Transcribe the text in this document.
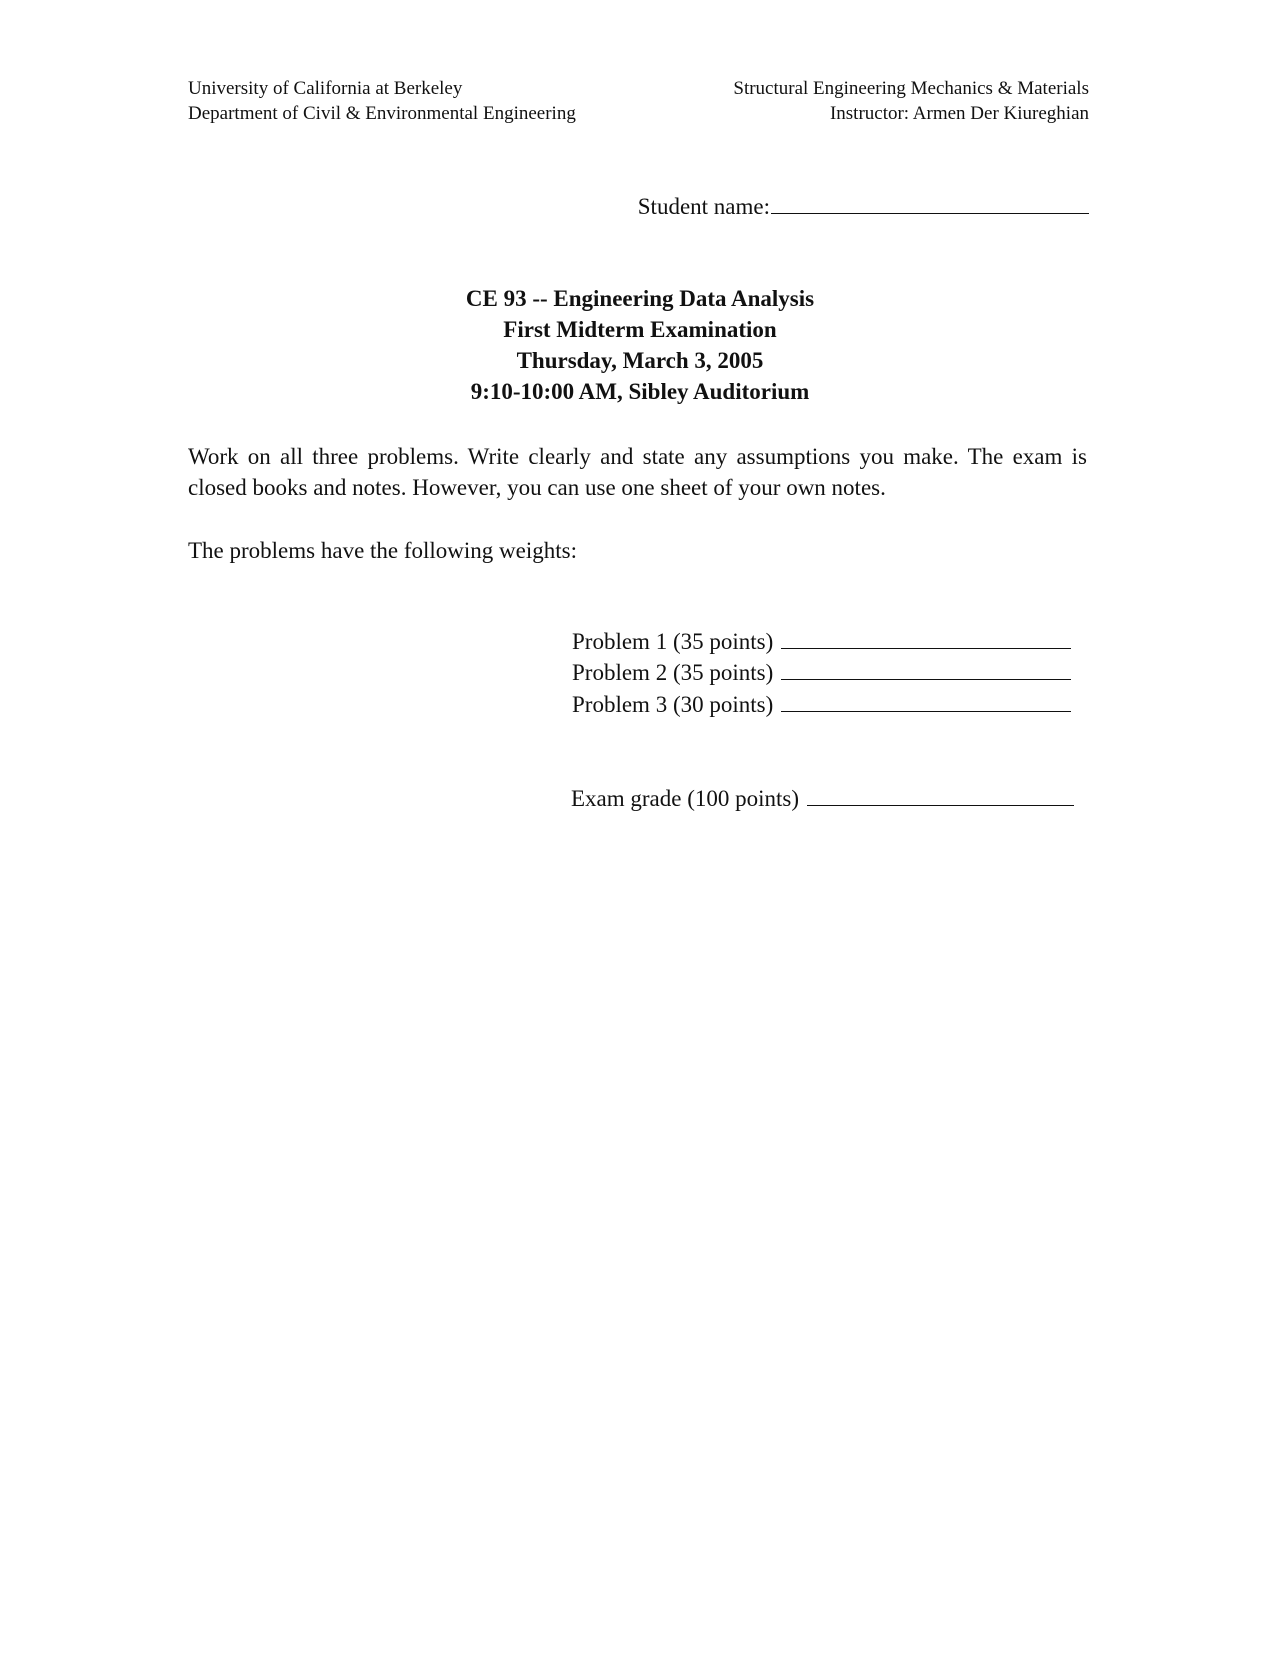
University of California at Berkeley
Department of Civil & Environmental Engineering
Structural Engineering Mechanics & Materials
Instructor: Armen Der Kiureghian
Student name:
CE 93 -- Engineering Data Analysis
First Midterm Examination
Thursday, March 3, 2005
9:10-10:00 AM, Sibley Auditorium
Work on all three problems. Write clearly and state any assumptions you make. The exam is closed books and notes. However, you can use one sheet of your own notes.
The problems have the following weights:
Problem 1 (35 points)
Problem 2 (35 points)
Problem 3 (30 points)
Exam grade (100 points)
